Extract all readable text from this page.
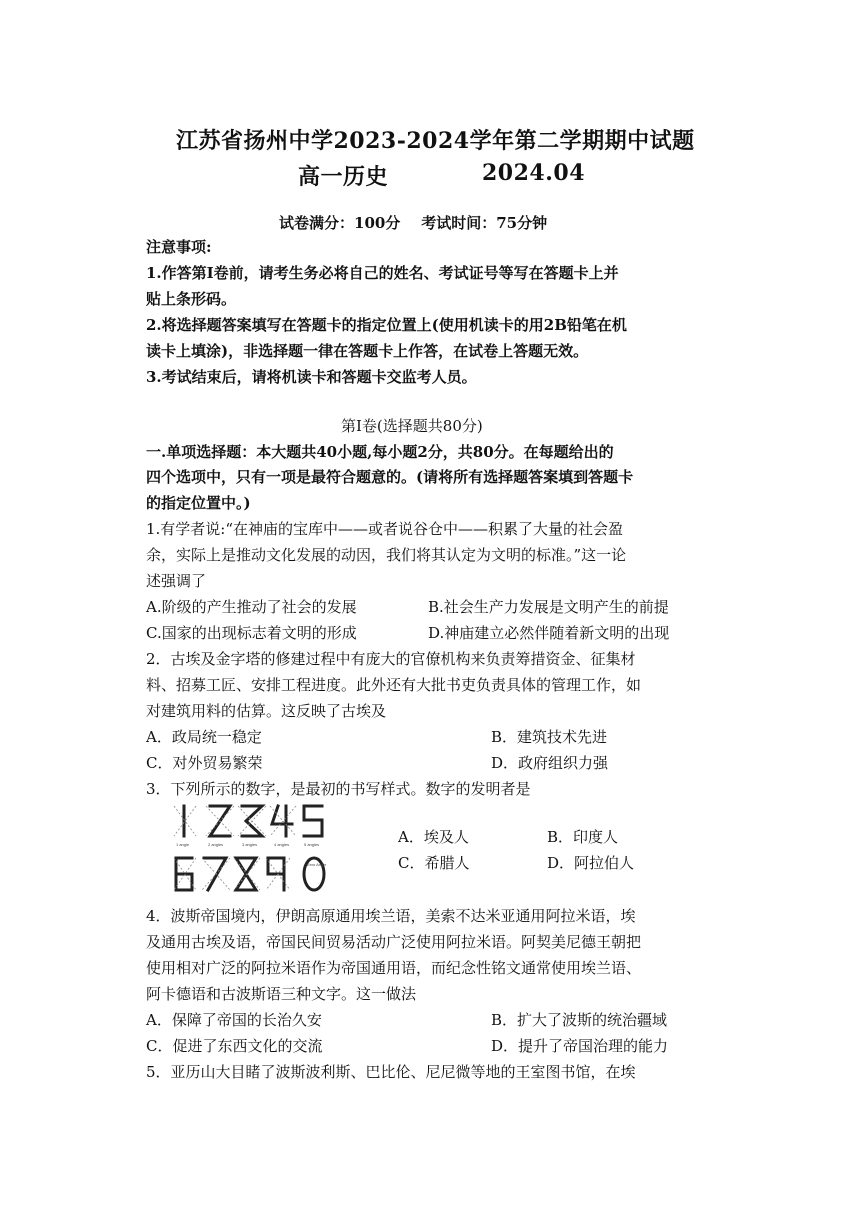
江苏省扬州中学2023-2024学年第二学期期中试题
高一历史	2024.04
试卷满分：100分    考试时间：75分钟
注意事项:
1.作答第Ⅰ卷前，请考生务必将自己的姓名、考试证号等写在答题卡上并
贴上条形码。
2.将选择题答案填写在答题卡的指定位置上(使用机读卡的用2B铅笔在机
读卡上填涂)，非选择题一律在答题卡上作答，在试卷上答题无效。
3.考试结束后，请将机读卡和答题卡交监考人员。
第Ⅰ卷(选择题共80分)
一.单项选择题：本大题共40小题,每小题2分，共80分。在每题给出的
四个选项中，只有一项是最符合题意的。(请将所有选择题答案填到答题卡
的指定位置中。)
1.有学者说:“在神庙的宝库中——或者说谷仓中——积累了大量的社会盈
余，实际上是推动文化发展的动因，我们将其认定为文明的标准。”这一论
述强调了
A.阶级的产生推动了社会的发展	B.社会生产力发展是文明产生的前提
C.国家的出现标志着文明的形成	D.神庙建立必然伴随着新文明的出现
2．古埃及金字塔的修建过程中有庞大的官僚机构来负责筹措资金、征集材
料、招募工匠、安排工程进度。此外还有大批书吏负责具体的管理工作，如
对建筑用料的估算。这反映了古埃及
A．政局统一稳定	B．建筑技术先进
C．对外贸易繁荣	D．政府组织力强
3．下列所示的数字，是最初的书写样式。数字的发明者是
1 angle	2 angles	3 angles	4 angles	5 angles
Zero Angle
A．埃及人	B．印度人
C．希腊人	D．阿拉伯人
4．波斯帝国境内，伊朗高原通用埃兰语，美索不达米亚通用阿拉米语，埃
及通用古埃及语，帝国民间贸易活动广泛使用阿拉米语。阿契美尼德王朝把
使用相对广泛的阿拉米语作为帝国通用语，而纪念性铭文通常使用埃兰语、
阿卡德语和古波斯语三种文字。这一做法
A．保障了帝国的长治久安	B．扩大了波斯的统治疆域
C．促进了东西文化的交流	D．提升了帝国治理的能力
5．亚历山大目睹了波斯波利斯、巴比伦、尼尼微等地的王室图书馆，在埃
